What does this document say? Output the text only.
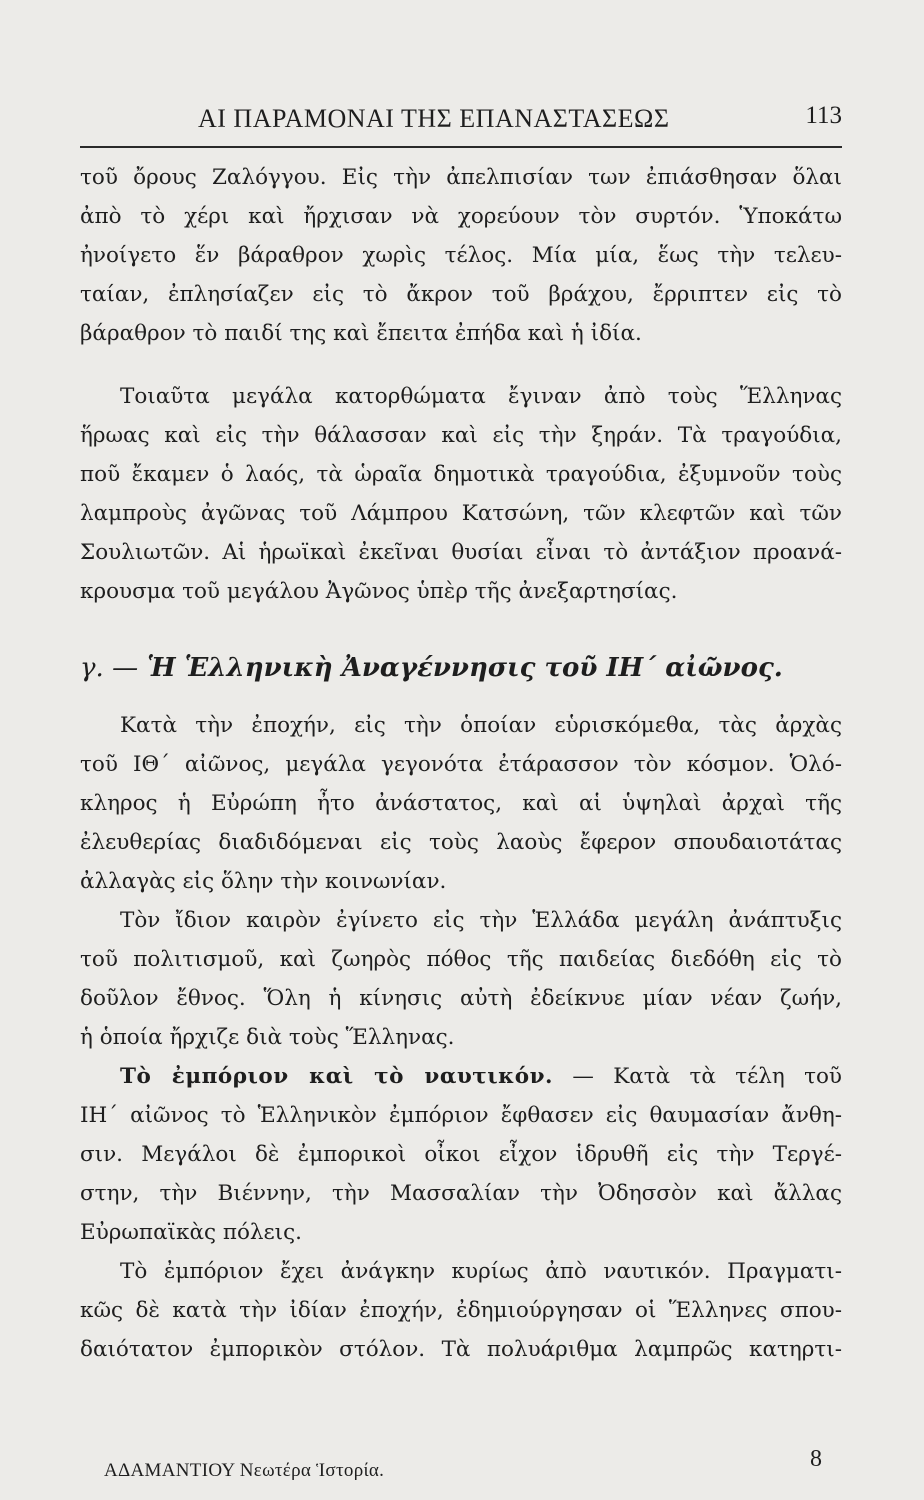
ΑΙ ΠΑΡΑΜΟΝΑΙ ΤΗΣ ΕΠΑΝΑΣΤΑΣΕΩΣ	113

τοῦ ὄρους Ζαλόγγου. Εἰς τὴν ἀπελπισίαν των ἐπιάσθησαν ὅλαι
ἀπὸ τὸ χέρι καὶ ἤρχισαν νὰ χορεύουν τὸν συρτόν. Ὑποκάτω
ἠνοίγετο ἕν βάραθρον χωρὶς τέλος. Μία μία, ἕως τὴν τελευ-
ταίαν, ἐπλησίαζεν εἰς τὸ ἄκρον τοῦ βράχου, ἔρριπτεν εἰς τὸ
βάραθρον τὸ παιδί της καὶ ἔπειτα ἐπήδα καὶ ἡ ἰδία.

Τοιαῦτα μεγάλα κατορθώματα ἔγιναν ἀπὸ τοὺς Ἕλληνας
ἥρωας καὶ εἰς τὴν θάλασσαν καὶ εἰς τὴν ξηράν. Τὰ τραγούδια,
ποῦ ἔκαμεν ὁ λαός, τὰ ὡραῖα δημοτικὰ τραγούδια, ἐξυμνοῦν τοὺς
λαμπροὺς ἀγῶνας τοῦ Λάμπρου Κατσώνη, τῶν κλεφτῶν καὶ τῶν
Σουλιωτῶν. Αἱ ἡρωϊκαὶ ἐκεῖναι θυσίαι εἶναι τὸ ἀντάξιον προανά-
κρουσμα τοῦ μεγάλου Ἀγῶνος ὑπὲρ τῆς ἀνεξαρτησίας.

γ. — Ἡ Ἑλληνικὴ Ἀναγέννησις τοῦ ΙΗ´ αἰῶνος.

Κατὰ τὴν ἐποχήν, εἰς τὴν ὁποίαν εὑρισκόμεθα, τὰς ἀρχὰς
τοῦ ΙΘ´ αἰῶνος, μεγάλα γεγονότα ἐτάρασσον τὸν κόσμον. Ὁλό-
κληρος ἡ Εὐρώπη ἦτο ἀνάστατος, καὶ αἱ ὑψηλαὶ ἀρχαὶ τῆς
ἐλευθερίας διαδιδόμεναι εἰς τοὺς λαοὺς ἔφερον σπουδαιοτάτας
ἀλλαγὰς εἰς ὅλην τὴν κοινωνίαν.

Τὸν ἴδιον καιρὸν ἐγίνετο εἰς τὴν Ἑλλάδα μεγάλη ἀνάπτυξις
τοῦ πολιτισμοῦ, καὶ ζωηρὸς πόθος τῆς παιδείας διεδόθη εἰς τὸ
δοῦλον ἔθνος. Ὅλη ἡ κίνησις αὐτὴ ἐδείκνυε μίαν νέαν ζωήν,
ἡ ὁποία ἤρχιζε διὰ τοὺς Ἕλληνας.

Τὸ ἐμπόριον καὶ τὸ ναυτικόν. — Κατὰ τὰ τέλη τοῦ
ΙΗ´ αἰῶνος τὸ Ἑλληνικὸν ἐμπόριον ἔφθασεν εἰς θαυμασίαν ἄνθη-
σιν. Μεγάλοι δὲ ἐμπορικοὶ οἶκοι εἶχον ἱδρυθῆ εἰς τὴν Τεργέ-
στην, τὴν Βιέννην, τὴν Μασσαλίαν τὴν Ὀδησσὸν καὶ ἄλλας
Εὐρωπαϊκὰς πόλεις.

Τὸ ἐμπόριον ἔχει ἀνάγκην κυρίως ἀπὸ ναυτικόν. Πραγματι-
κῶς δὲ κατὰ τὴν ἰδίαν ἐποχήν, ἐδημιούργησαν οἱ Ἕλληνες σπου-
δαιότατον ἐμπορικὸν στόλον. Τὰ πολυάριθμα λαμπρῶς κατηρτι-

ΑΔΑΜΑΝΤΙΟΥ Νεωτέρα Ἱστορία.	8
